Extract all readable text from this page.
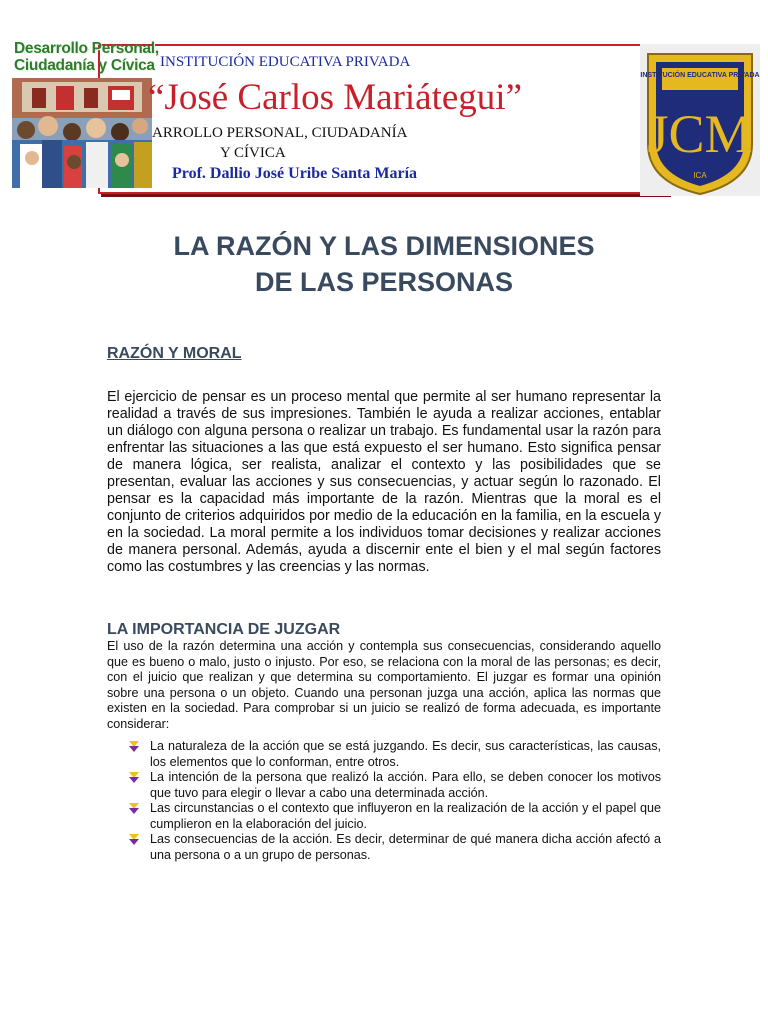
Desarrollo Personal,
Ciudadanía y Cívica INSTITUCIÓN EDUCATIVA PRIVADA
“José Carlos Mariátegui”
ARROLLO PERSONAL, CIUDADANÍA
Y CÍVICA
Prof. Dallio José Uribe Santa María
INSTITUCIÓN EDUCATIVA PRIVADA
JCM
ICA
LA RAZÓN Y LAS DIMENSIONES
DE LAS PERSONAS
RAZÓN Y MORAL

El ejercicio de pensar es un proceso mental que permite al ser humano representar la realidad a través de sus impresiones. También le ayuda a realizar acciones, entablar un diálogo con alguna persona o realizar un trabajo. Es fundamental usar la razón para enfrentar las situaciones a las que está expuesto el ser humano. Esto significa pensar de manera lógica, ser realista, analizar el contexto y las posibilidades que se presentan, evaluar las acciones y sus consecuencias, y actuar según lo razonado. El pensar es la capacidad más importante de la razón. Mientras que la moral es el conjunto de criterios adquiridos por medio de la educación en la familia, en la escuela y en la sociedad. La moral permite a los individuos tomar decisiones y realizar acciones de manera personal. Además, ayuda a discernir ente el bien y el mal según factores como las costumbres y las creencias y las normas.

LA IMPORTANCIA DE JUZGAR

El uso de la razón determina una acción y contempla sus consecuencias, considerando aquello que es bueno o malo, justo o injusto. Por eso, se relaciona con la moral de las personas; es decir, con el juicio que realizan y que determina su comportamiento. El juzgar es formar una opinión sobre una persona o un objeto. Cuando una personan juzga una acción, aplica las normas que existen en la sociedad. Para comprobar si un juicio se realizó de forma adecuada, es importante considerar:

La naturaleza de la acción que se está juzgando. Es decir, sus características, las causas, los elementos que lo conforman, entre otros.
La intención de la persona que realizó la acción. Para ello, se deben conocer los motivos que tuvo para elegir o llevar a cabo una determinada acción.
Las circunstancias o el contexto que influyeron en la realización de la acción y el papel que cumplieron en la elaboración del juicio.
Las consecuencias de la acción. Es decir, determinar de qué manera dicha acción afectó a una persona o a un grupo de personas.
